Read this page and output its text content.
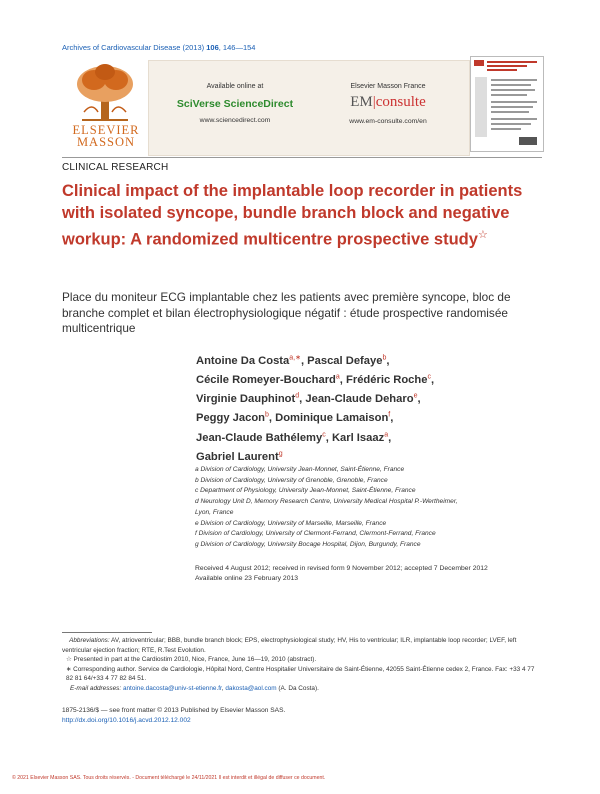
Archives of Cardiovascular Disease (2013) 106, 146—154
ELSEVIER MASSON
Available online at
SciVerse ScienceDirect
www.sciencedirect.com
Elsevier Masson France
EM|consulte
www.em-consulte.com/en
CLINICAL RESEARCH
Clinical impact of the implantable loop recorder in patients with isolated syncope, bundle branch block and negative workup: A randomized multicentre prospective study☆
Place du moniteur ECG implantable chez les patients avec première syncope, bloc de branche complet et bilan électrophysiologique négatif : étude prospective randomisée multicentrique
Antoine Da Costa$^{a,∗}$, Pascal Defaye$^b$,
Cécile Romeyer-Bouchard$^a$, Frédéric Roche$^c$,
Virginie Dauphinot$^d$, Jean-Claude Deharo$^e$,
Peggy Jacon$^b$, Dominique Lamaison$^f$,
Jean-Claude Bathélemy$^c$, Karl Isaaz$^a$,
Gabriel Laurent$^g$
a Division of Cardiology, University Jean-Monnet, Saint-Étienne, France
b Division of Cardiology, University of Grenoble, Grenoble, France
c Department of Physiology, University Jean-Monnet, Saint-Étienne, France
d Neurology Unit D, Memory Research Centre, University Medical Hospital P.-Wertheimer,
Lyon, France
e Division of Cardiology, University of Marseille, Marseille, France
f Division of Cardiology, University of Clermont-Ferrand, Clermont-Ferrand, France
g Division of Cardiology, University Bocage Hospital, Dijon, Burgundy, France
Received 4 August 2012; received in revised form 9 November 2012; accepted 7 December 2012
Available online 23 February 2013
Abbreviations: AV, atrioventricular; BBB, bundle branch block; EPS, electrophysiological study; HV, His to ventricular; ILR, implantable loop recorder; LVEF, left ventricular ejection fraction; RTE, R.Test Evolution.
☆ Presented in part at the Cardiostim 2010, Nice, France, June 16—19, 2010 (abstract).
∗ Corresponding author. Service de Cardiologie, Hôpital Nord, Centre Hospitalier Universitaire de Saint-Étienne, 42055 Saint-Étienne cedex 2, France. Fax: +33 4 77 82 81 64/+33 4 77 82 84 51.
E-mail addresses: antoine.dacosta@univ-st-etienne.fr, dakosta@aol.com (A. Da Costa).
1875-2136/$ — see front matter © 2013 Published by Elsevier Masson SAS.
http://dx.doi.org/10.1016/j.acvd.2012.12.002
© 2021 Elsevier Masson SAS. Tous droits réservés. - Document téléchargé le 24/11/2021 Il est interdit et illégal de diffuser ce document.
